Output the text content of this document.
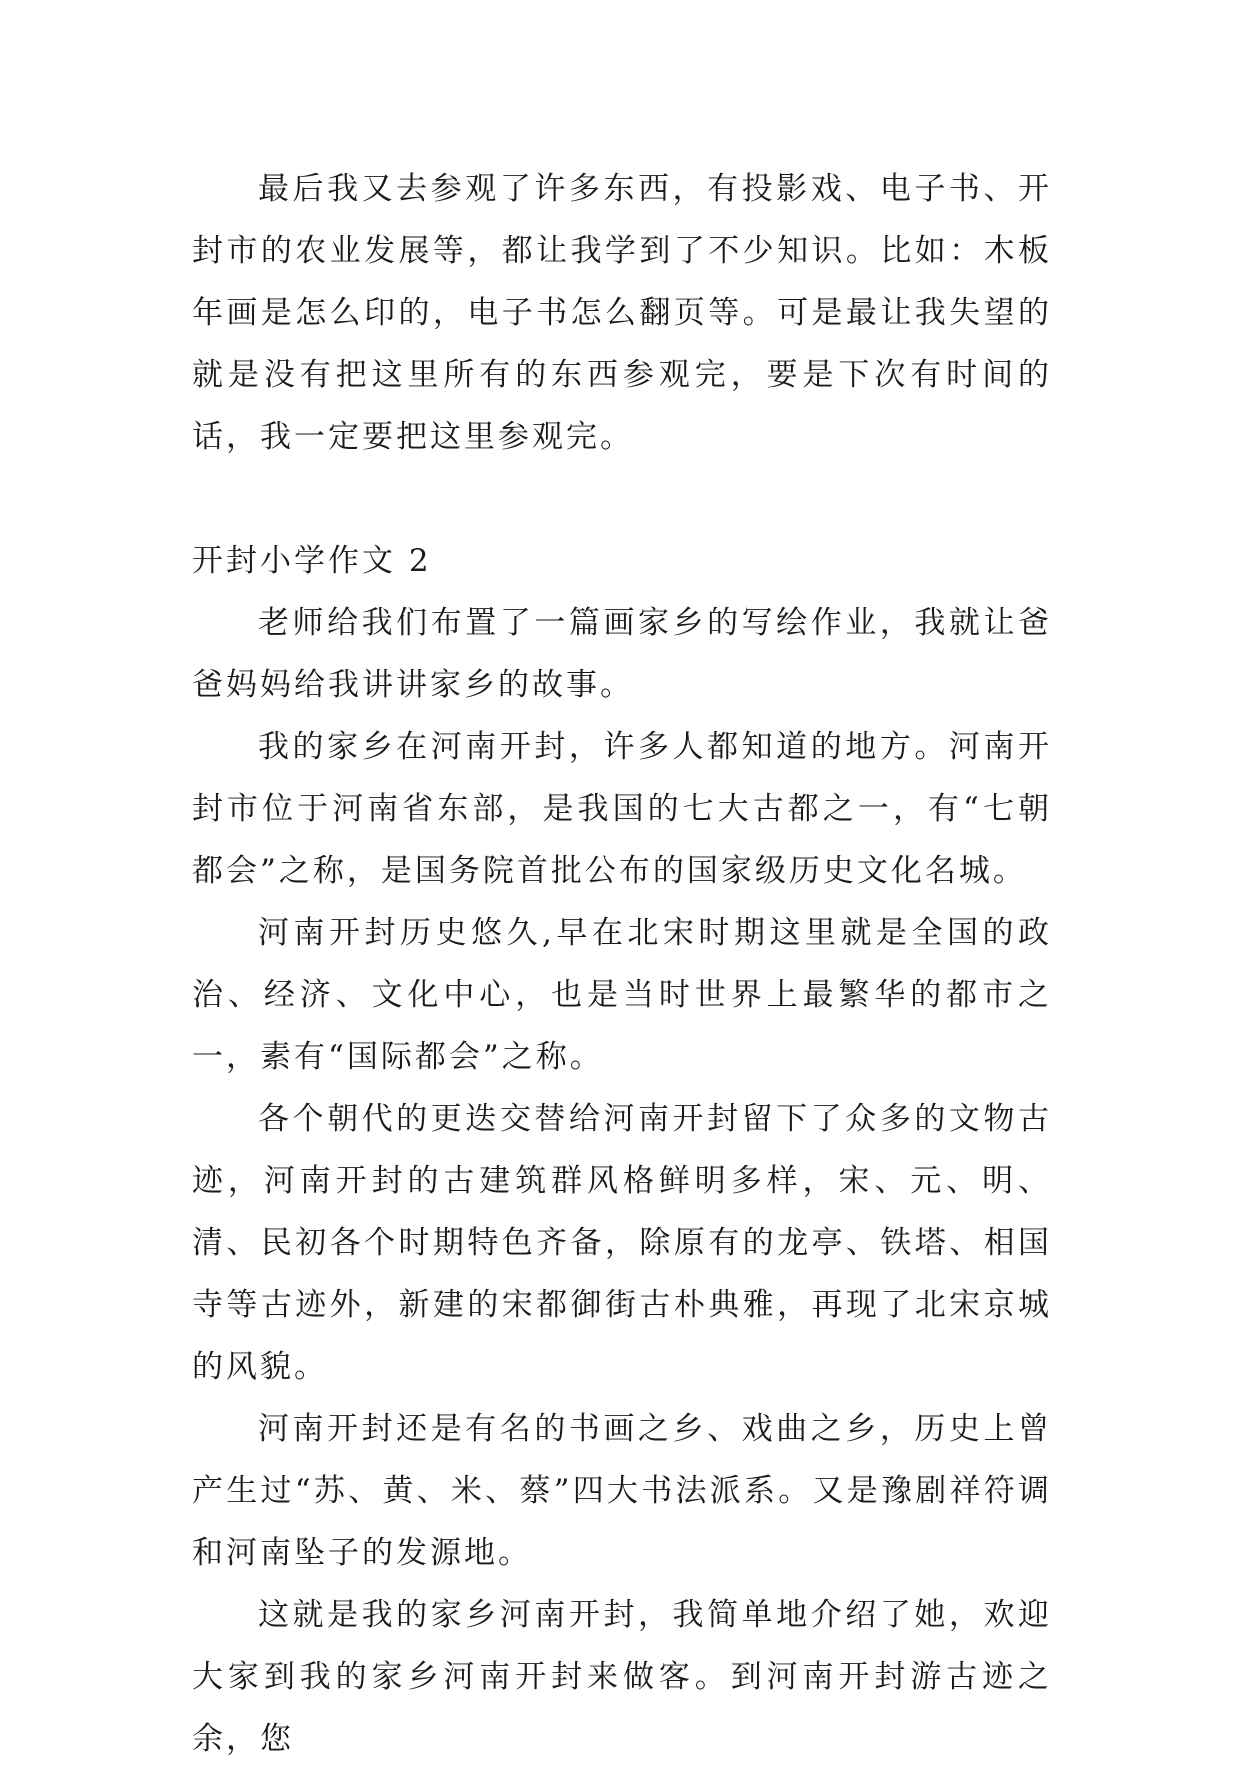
最后我又去参观了许多东西，有投影戏、电子书、开封市的农业发展等，都让我学到了不少知识。比如：木板年画是怎么印的，电子书怎么翻页等。可是最让我失望的就是没有把这里所有的东西参观完，要是下次有时间的话，我一定要把这里参观完。

开封小学作文 2

老师给我们布置了一篇画家乡的写绘作业，我就让爸爸妈妈给我讲讲家乡的故事。

我的家乡在河南开封，许多人都知道的地方。河南开封市位于河南省东部，是我国的七大古都之一，有“七朝都会”之称，是国务院首批公布的国家级历史文化名城。

河南开封历史悠久,早在北宋时期这里就是全国的政治、经济、文化中心，也是当时世界上最繁华的都市之一，素有“国际都会”之称。

各个朝代的更迭交替给河南开封留下了众多的文物古迹，河南开封的古建筑群风格鲜明多样，宋、元、明、清、民初各个时期特色齐备，除原有的龙亭、铁塔、相国寺等古迹外，新建的宋都御街古朴典雅，再现了北宋京城的风貌。

河南开封还是有名的书画之乡、戏曲之乡，历史上曾产生过“苏、黄、米、蔡”四大书法派系。又是豫剧祥符调和河南坠子的发源地。

这就是我的家乡河南开封，我简单地介绍了她，欢迎大家到我的家乡河南开封来做客。到河南开封游古迹之余，您
